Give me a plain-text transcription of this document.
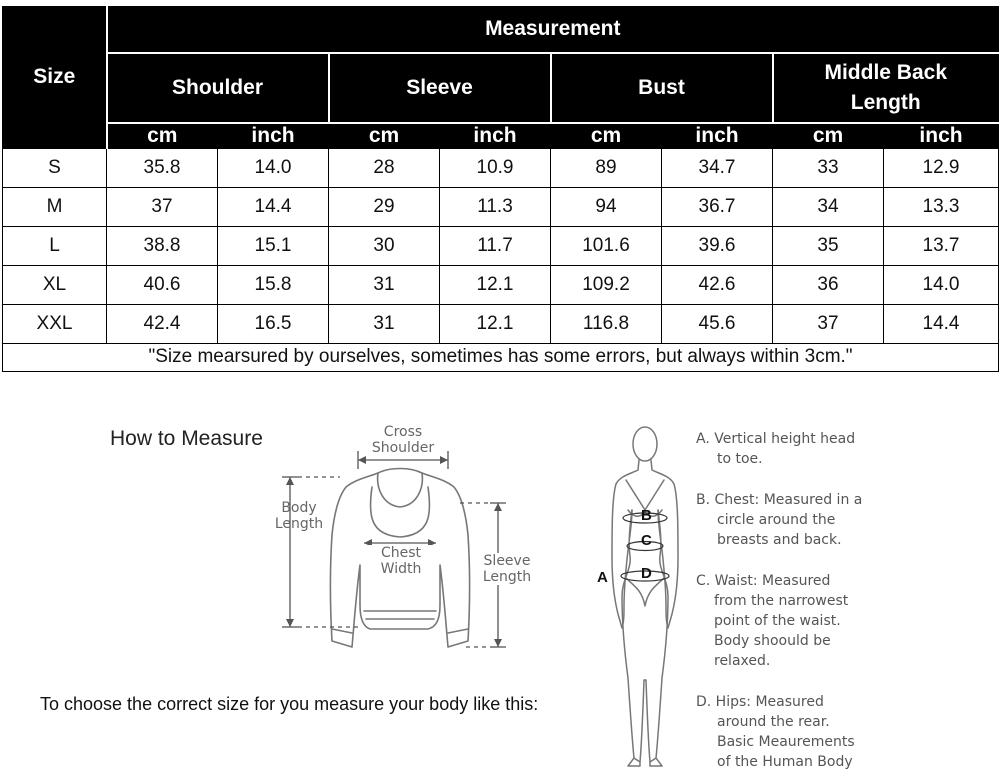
Size	Measurement							
	Shoulder		Sleeve		Bust		Middle Back Length	
	cm	inch	cm	inch	cm	inch	cm	inch
S	35.8	14.0	28	10.9	89	34.7	33	12.9
M	37	14.4	29	11.3	94	36.7	34	13.3
L	38.8	15.1	30	11.7	101.6	39.6	35	13.7
XL	40.6	15.8	31	12.1	109.2	42.6	36	14.0
XXL	42.4	16.5	31	12.1	116.8	45.6	37	14.4
"Size mearsured by ourselves, sometimes has some errors, but always within 3cm."								
How to Measure
To choose the correct size for you measure your body like this:
Cross
Shoulder
Body
Length
Chest
Width	Sleeve
Length	A
B
C
D
A. Vertical height head
to toe.
B. Chest: Measured in a
circle around the
breasts and back.
C. Waist: Measured
from the narrowest
point of the waist.
Body shoould be
relaxed.
D. Hips: Measured
around the rear.
Basic Meaurements
of the Human Body
